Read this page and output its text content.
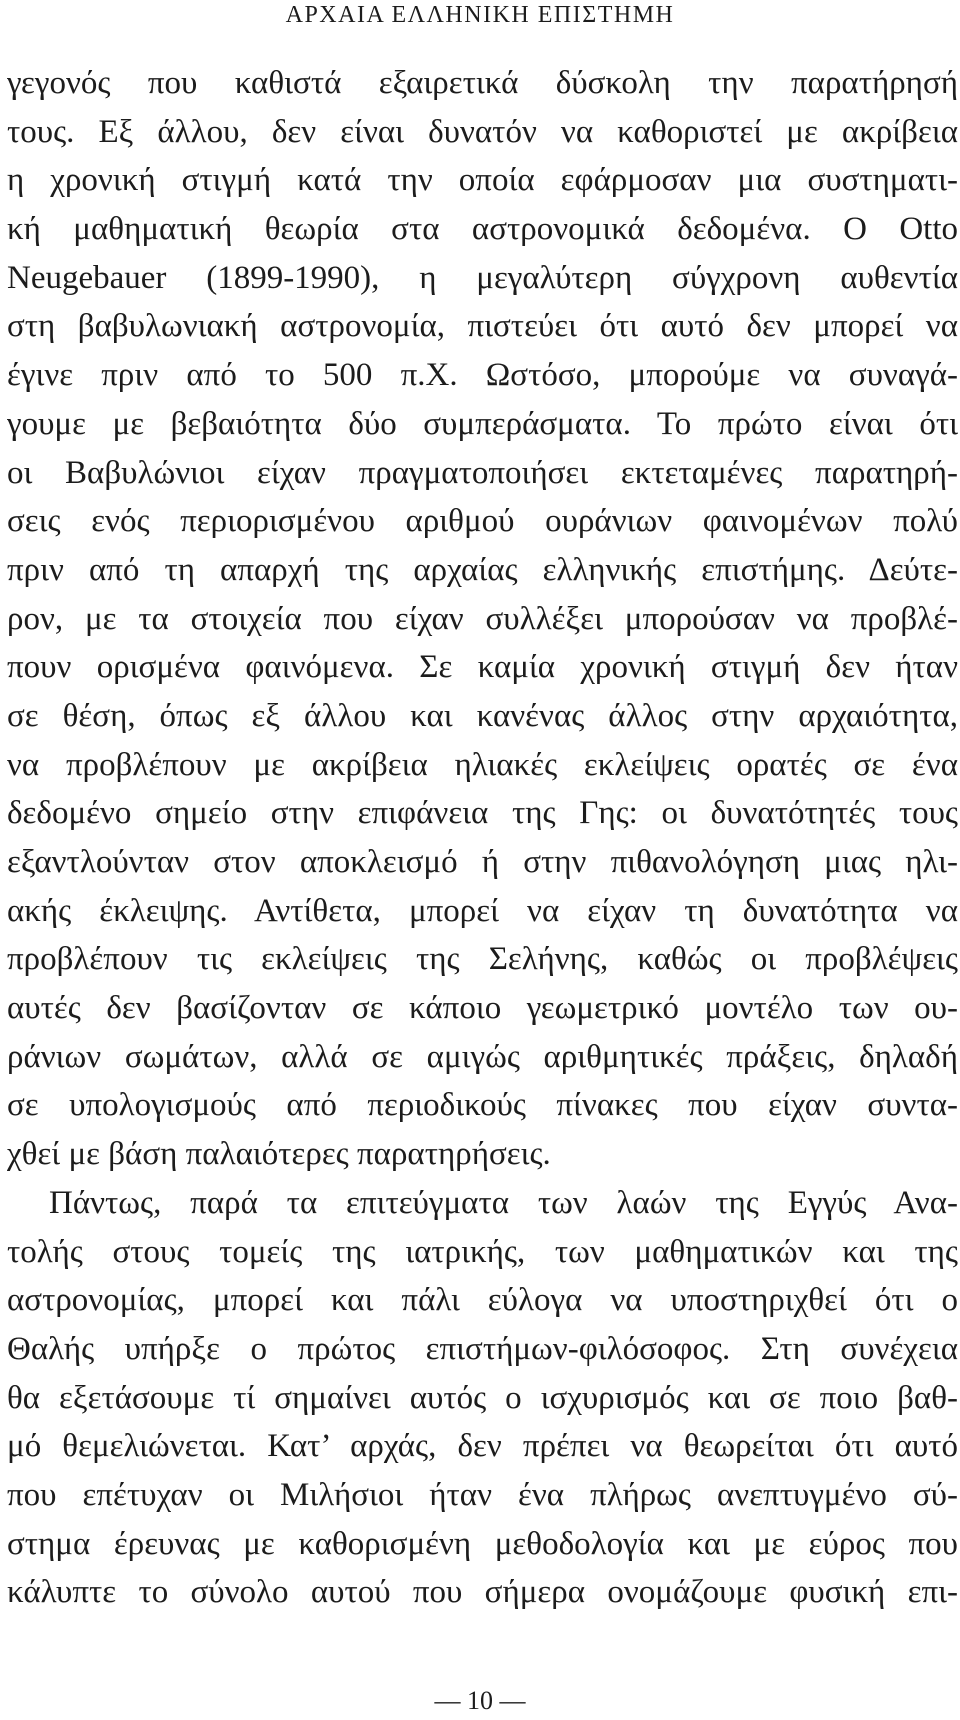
ΑΡΧΑΙΑ ΕΛΛΗΝΙΚΗ ΕΠΙΣΤΗΜΗ
γεγονός που καθιστά εξαιρετικά δύσκολη την παρατήρησή
τους. Εξ άλλου, δεν είναι δυνατόν να καθοριστεί με ακρίβεια
η χρονική στιγμή κατά την οποία εφάρμοσαν μια συστηματι-
κή μαθηματική θεωρία στα αστρονομικά δεδομένα. Ο Otto
Neugebauer (1899-1990), η μεγαλύτερη σύγχρονη αυθεντία
στη βαβυλωνιακή αστρονομία, πιστεύει ότι αυτό δεν μπορεί να
έγινε πριν από το 500 π.Χ. Ωστόσο, μπορούμε να συναγά-
γουμε με βεβαιότητα δύο συμπεράσματα. Το πρώτο είναι ότι
οι Βαβυλώνιοι είχαν πραγματοποιήσει εκτεταμένες παρατηρή-
σεις ενός περιορισμένου αριθμού ουράνιων φαινομένων πολύ
πριν από τη απαρχή της αρχαίας ελληνικής επιστήμης. Δεύτε-
ρον, με τα στοιχεία που είχαν συλλέξει μπορούσαν να προβλέ-
πουν ορισμένα φαινόμενα. Σε καμία χρονική στιγμή δεν ήταν
σε θέση, όπως εξ άλλου και κανένας άλλος στην αρχαιότητα,
να προβλέπουν με ακρίβεια ηλιακές εκλείψεις ορατές σε ένα
δεδομένο σημείο στην επιφάνεια της Γης: οι δυνατότητές τους
εξαντλούνταν στον αποκλεισμό ή στην πιθανολόγηση μιας ηλι-
ακής έκλειψης. Αντίθετα, μπορεί να είχαν τη δυνατότητα να
προβλέπουν τις εκλείψεις της Σελήνης, καθώς οι προβλέψεις
αυτές δεν βασίζονταν σε κάποιο γεωμετρικό μοντέλο των ου-
ράνιων σωμάτων, αλλά σε αμιγώς αριθμητικές πράξεις, δηλαδή
σε υπολογισμούς από περιοδικούς πίνακες που είχαν συντα-
χθεί με βάση παλαιότερες παρατηρήσεις.
Πάντως, παρά τα επιτεύγματα των λαών της Εγγύς Ανα-
τολής στους τομείς της ιατρικής, των μαθηματικών και της
αστρονομίας, μπορεί και πάλι εύλογα να υποστηριχθεί ότι ο
Θαλής υπήρξε ο πρώτος επιστήμων-φιλόσοφος. Στη συνέχεια
θα εξετάσουμε τί σημαίνει αυτός ο ισχυρισμός και σε ποιο βαθ-
μό θεμελιώνεται. Κατ’ αρχάς, δεν πρέπει να θεωρείται ότι αυτό
που επέτυχαν οι Μιλήσιοι ήταν ένα πλήρως ανεπτυγμένο σύ-
στημα έρευνας με καθορισμένη μεθοδολογία και με εύρος που
κάλυπτε το σύνολο αυτού που σήμερα ονομάζουμε φυσική επι-
— 10 —
